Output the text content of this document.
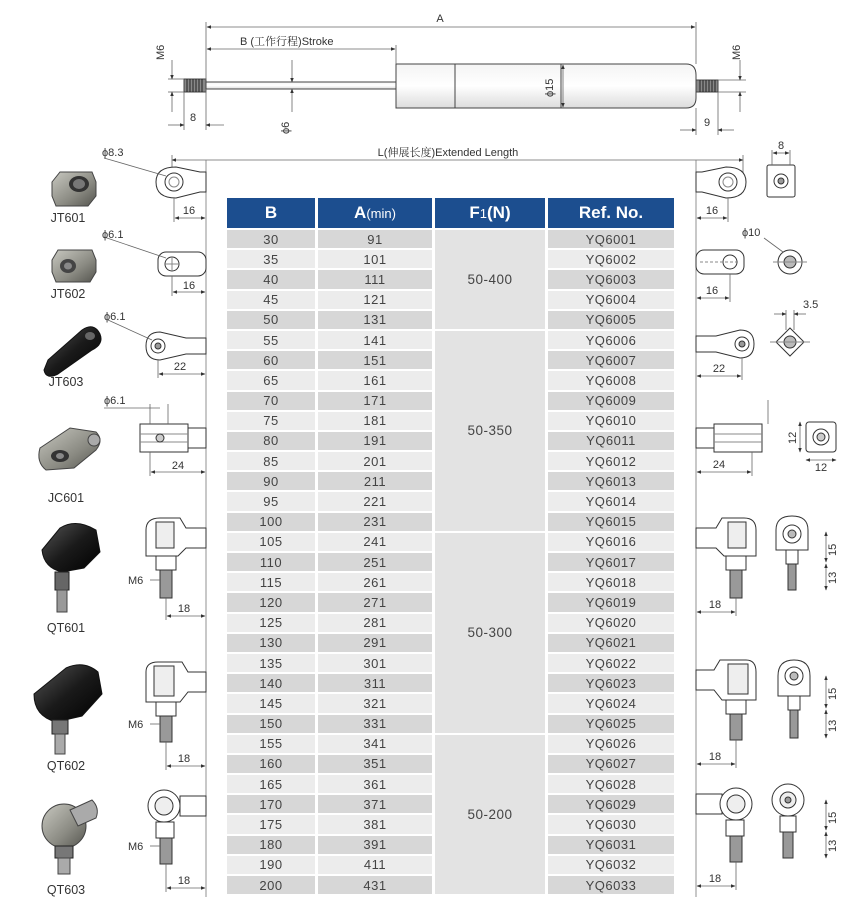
A
B (工作行程)Stroke
M6	M6
ϕ15
ϕ6
8	9
L(伸展长度)Extended Length
JT601
ϕ8.3
16	16
8
JT602
ϕ6.1
16	16
ϕ10
JT603
ϕ6.1
22	22
3.5
JC601
ϕ6.1
24	24
12
12
QT601
M6
18	18
15
13
QT602
M6
18	18
15
13
QT603
M6
18	18
15
13
B	A(min)	F1(N)	Ref. No.
30	91	50-400	YQ6001
35	101		YQ6002
40	111		YQ6003
45	121		YQ6004
50	131		YQ6005
55	141	50-350	YQ6006
60	151		YQ6007
65	161		YQ6008
70	171		YQ6009
75	181		YQ6010
80	191		YQ6011
85	201		YQ6012
90	211		YQ6013
95	221		YQ6014
100	231		YQ6015
105	241	50-300	YQ6016
110	251		YQ6017
115	261		YQ6018
120	271		YQ6019
125	281		YQ6020
130	291		YQ6021
135	301		YQ6022
140	311		YQ6023
145	321		YQ6024
150	331		YQ6025
155	341	50-200	YQ6026
160	351		YQ6027
165	361		YQ6028
170	371		YQ6029
175	381		YQ6030
180	391		YQ6031
190	411		YQ6032
200	431		YQ6033
